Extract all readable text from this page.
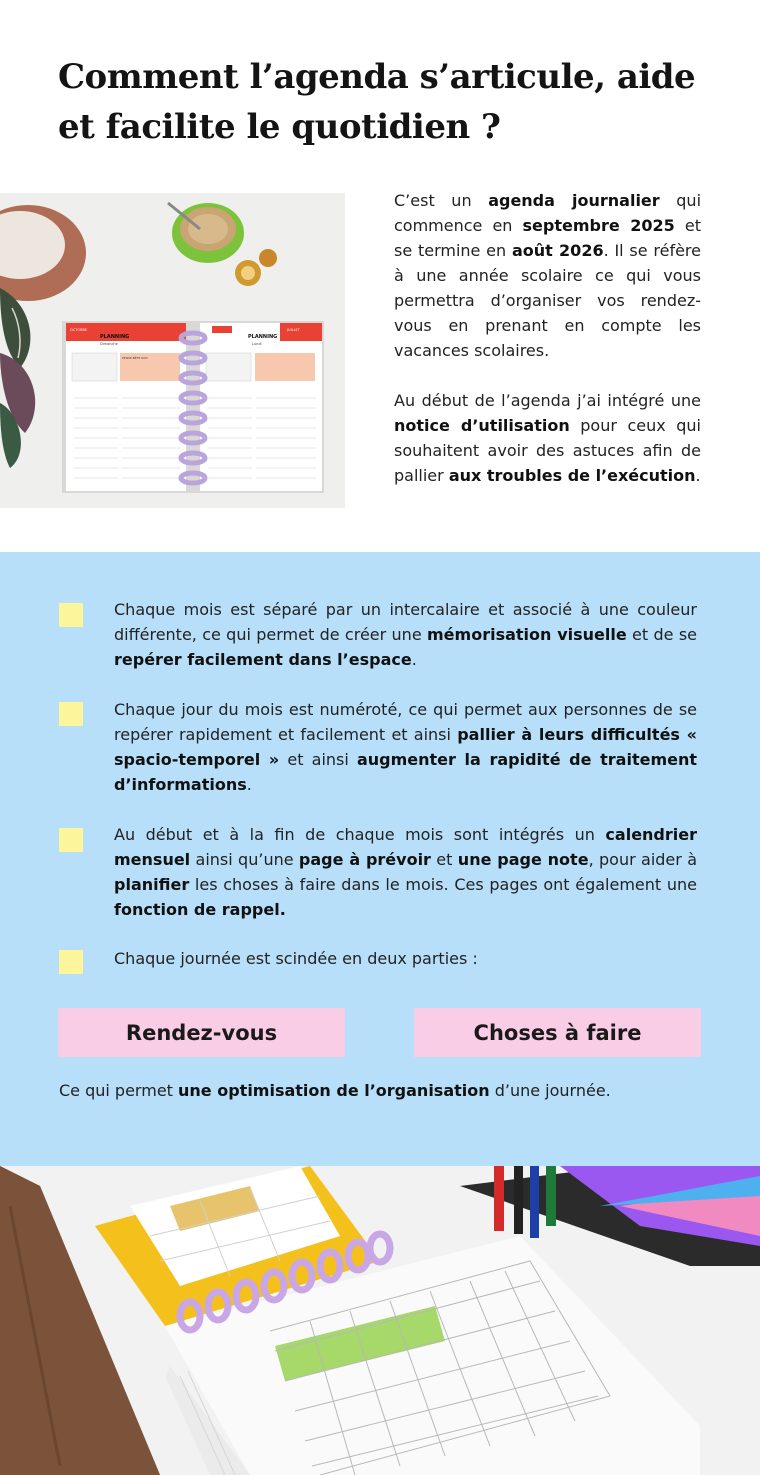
Comment l’agenda s’articule, aide
et facilite le quotidien ?
PLANNING
OCTOBRE
Dimanche
PENSE-BÊTE RDV
PLANNING
JUILLET
Lundi

C’est un agenda journalier qui commence en septembre 2025 et se termine en août 2026. Il se réfère à une année scolaire ce qui vous permettra d’organiser vos rendez-vous en prenant en compte les vacances scolaires.

Au début de l’agenda j’ai intégré une notice d’utilisation pour ceux qui souhaitent avoir des astuces afin de pallier aux troubles de l’exécution.

Chaque mois est séparé par un intercalaire et associé à une couleur différente, ce qui permet de créer une mémorisation visuelle et de se repérer facilement dans l’espace.
Chaque jour du mois est numéroté, ce qui permet aux personnes de se repérer rapidement et facilement et ainsi pallier à leurs difficultés « spacio-temporel » et ainsi augmenter la rapidité de traitement d’informations.
Au début et à la fin de chaque mois sont intégrés un calendrier mensuel ainsi qu’une page à prévoir et une page note, pour aider à planifier les choses à faire dans le mois. Ces pages ont également une fonction de rappel.
Chaque journée est scindée en deux parties :
Rendez-vous	Choses à faire
Ce qui permet une optimisation de l’organisation d’une journée.
